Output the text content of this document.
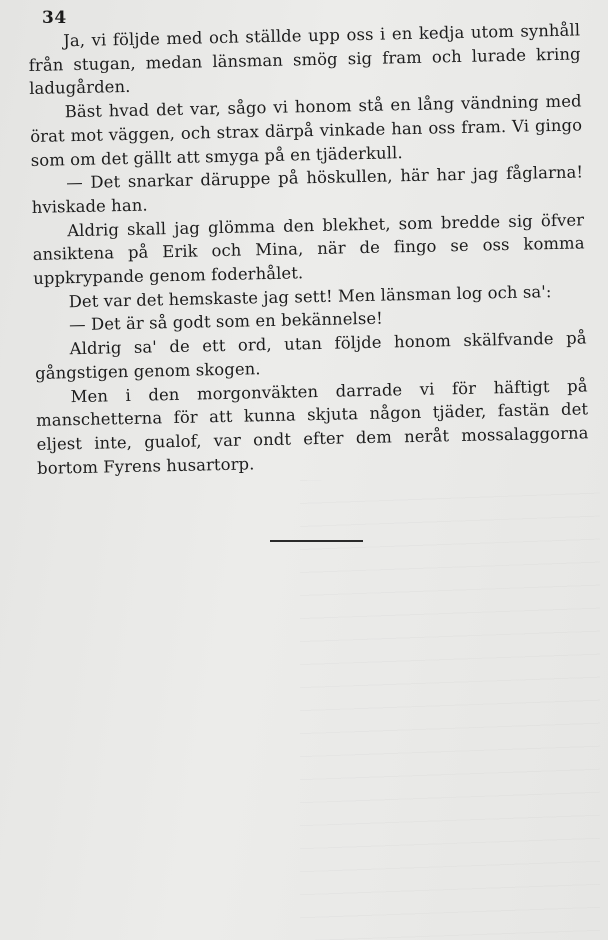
34

Ja, vi följde med och ställde upp oss i en kedja utom synhåll från stugan, medan länsman smög sig fram och lurade kring ladugården.

Bäst hvad det var, sågo vi honom stå en lång vändning med örat mot väggen, och strax därpå vinkade han oss fram. Vi gingo som om det gällt att smyga på en tjäderkull.

— Det snarkar däruppe på höskullen, här har jag fåglarna! hviskade han.

Aldrig skall jag glömma den blekhet, som bredde sig öfver ansiktena på Erik och Mina, när de fingo se oss komma uppkrypande genom foderhålet.

Det var det hemskaste jag sett! Men länsman log och sa':

— Det är så godt som en bekännelse!

Aldrig sa' de ett ord, utan följde honom skälfvande på gångstigen genom skogen.

Men i den morgonväkten darrade vi för häftigt på manschetterna för att kunna skjuta någon tjäder, fastän det eljest inte, gualof, var ondt efter dem neråt mossalaggorna bortom Fyrens husartorp.
